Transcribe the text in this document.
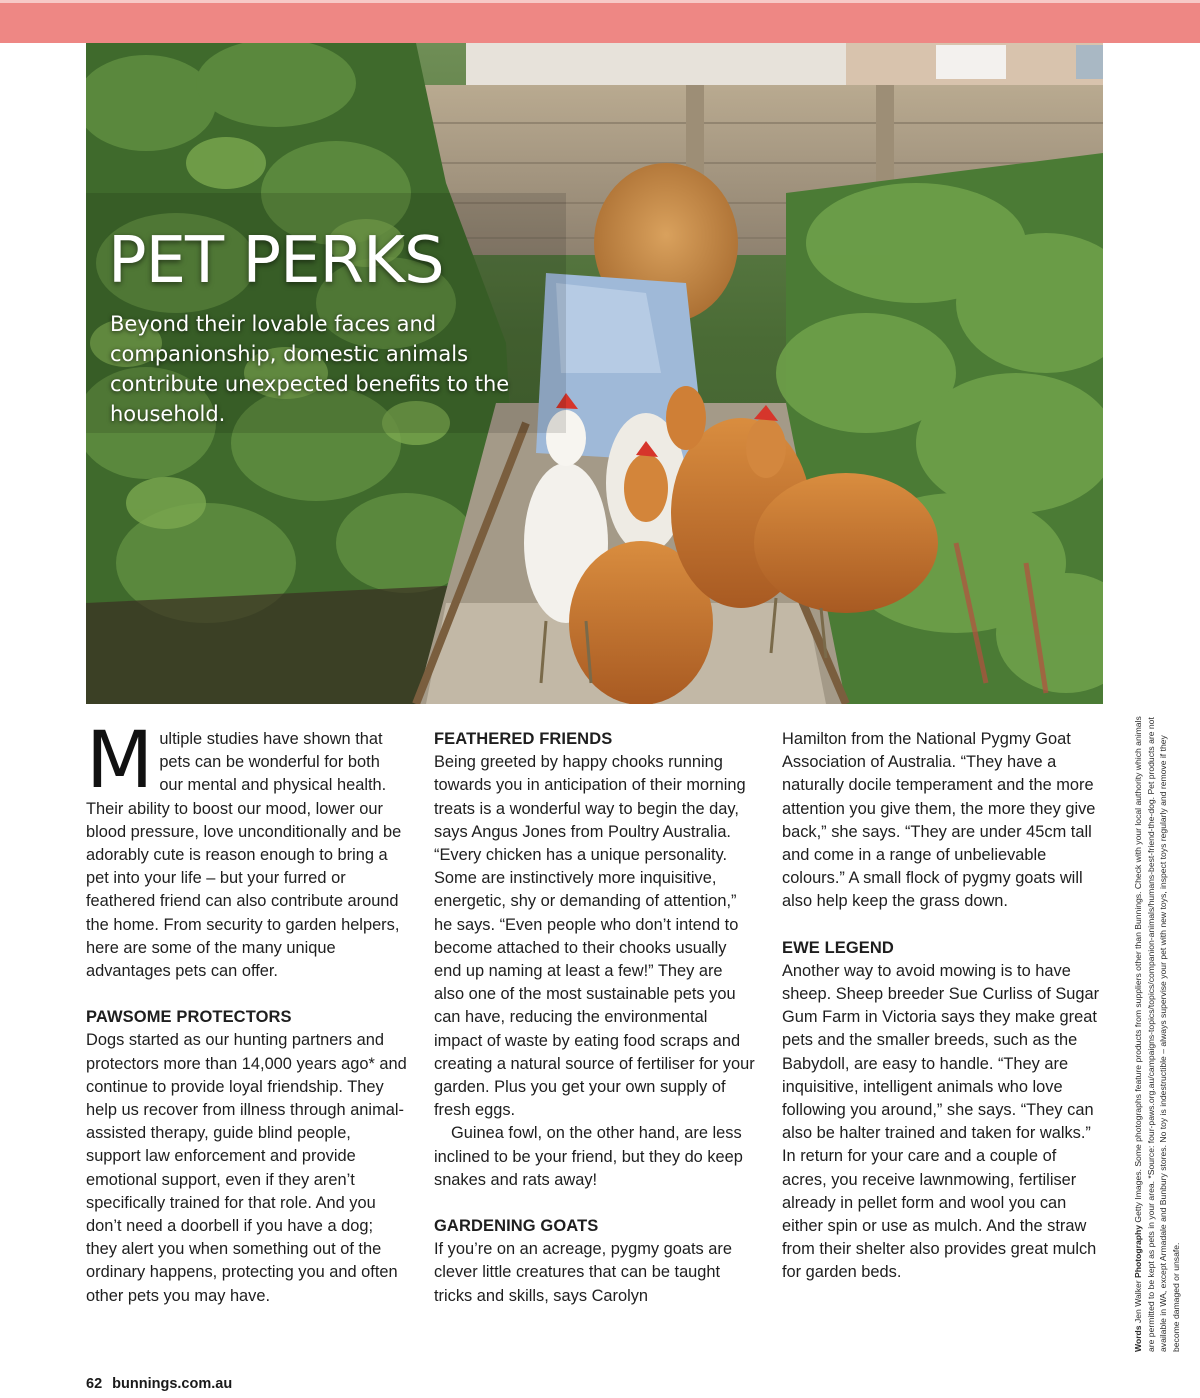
PET PERKS

Beyond their lovable faces and companionship, domestic animals contribute unexpected benefits to the household.

Multiple studies have shown that pets can be wonderful for both our mental and physical health. Their ability to boost our mood, lower our blood pressure, love unconditionally and be adorably cute is reason enough to bring a pet into your life – but your furred or feathered friend can also contribute around the home. From security to garden helpers, here are some of the many unique advantages pets can offer.

PAWSOME PROTECTORS

Dogs started as our hunting partners and protectors more than 14,000 years ago* and continue to provide loyal friendship. They help us recover from illness through animal-assisted therapy, guide blind people, support law enforcement and provide emotional support, even if they aren’t specifically trained for that role. And you don’t need a doorbell if you have a dog; they alert you when something out of the ordinary happens, protecting you and often other pets you may have.

FEATHERED FRIENDS

Being greeted by happy chooks running towards you in anticipation of their morning treats is a wonderful way to begin the day, says Angus Jones from Poultry Australia. “Every chicken has a unique personality. Some are instinctively more inquisitive, energetic, shy or demanding of attention,” he says. “Even people who don’t intend to become attached to their chooks usually end up naming at least a few!” They are also one of the most sustainable pets you can have, reducing the environmental impact of waste by eating food scraps and creating a natural source of fertiliser for your garden. Plus you get your own supply of fresh eggs.

Guinea fowl, on the other hand, are less inclined to be your friend, but they do keep snakes and rats away!

GARDENING GOATS

If you’re on an acreage, pygmy goats are clever little creatures that can be taught tricks and skills, says Carolyn

Hamilton from the National Pygmy Goat Association of Australia. “They have a naturally docile temperament and the more attention you give them, the more they give back,” she says. “They are under 45cm tall and come in a range of unbelievable colours.” A small flock of pygmy goats will also help keep the grass down.

EWE LEGEND

Another way to avoid mowing is to have sheep. Sheep breeder Sue Curliss of Sugar Gum Farm in Victoria says they make great pets and the smaller breeds, such as the Babydoll, are easy to handle. “They are inquisitive, intelligent animals who love following you around,” she says. “They can also be halter trained and taken for walks.” In return for your care and a couple of acres, you receive lawnmowing, fertiliser already in pellet form and wool you can either spin or use as mulch. And the straw from their shelter also provides great mulch for garden beds.

Words Jen Walker Photography Getty Images. Some photographs feature products from suppliers other than Bunnings. Check with your local authority which animals are permitted to be kept as pets in your area. *Source: four-paws.org.au/campaigns-topics/topics/companion-animals/humans-best-friend-the-dog. Pet products are not available in WA, except Armadale and Bunbury stores. No toy is indestructible – always supervise your pet with new toys, inspect toys regularly and remove if they become damaged or unsafe.
62 bunnings.com.au
